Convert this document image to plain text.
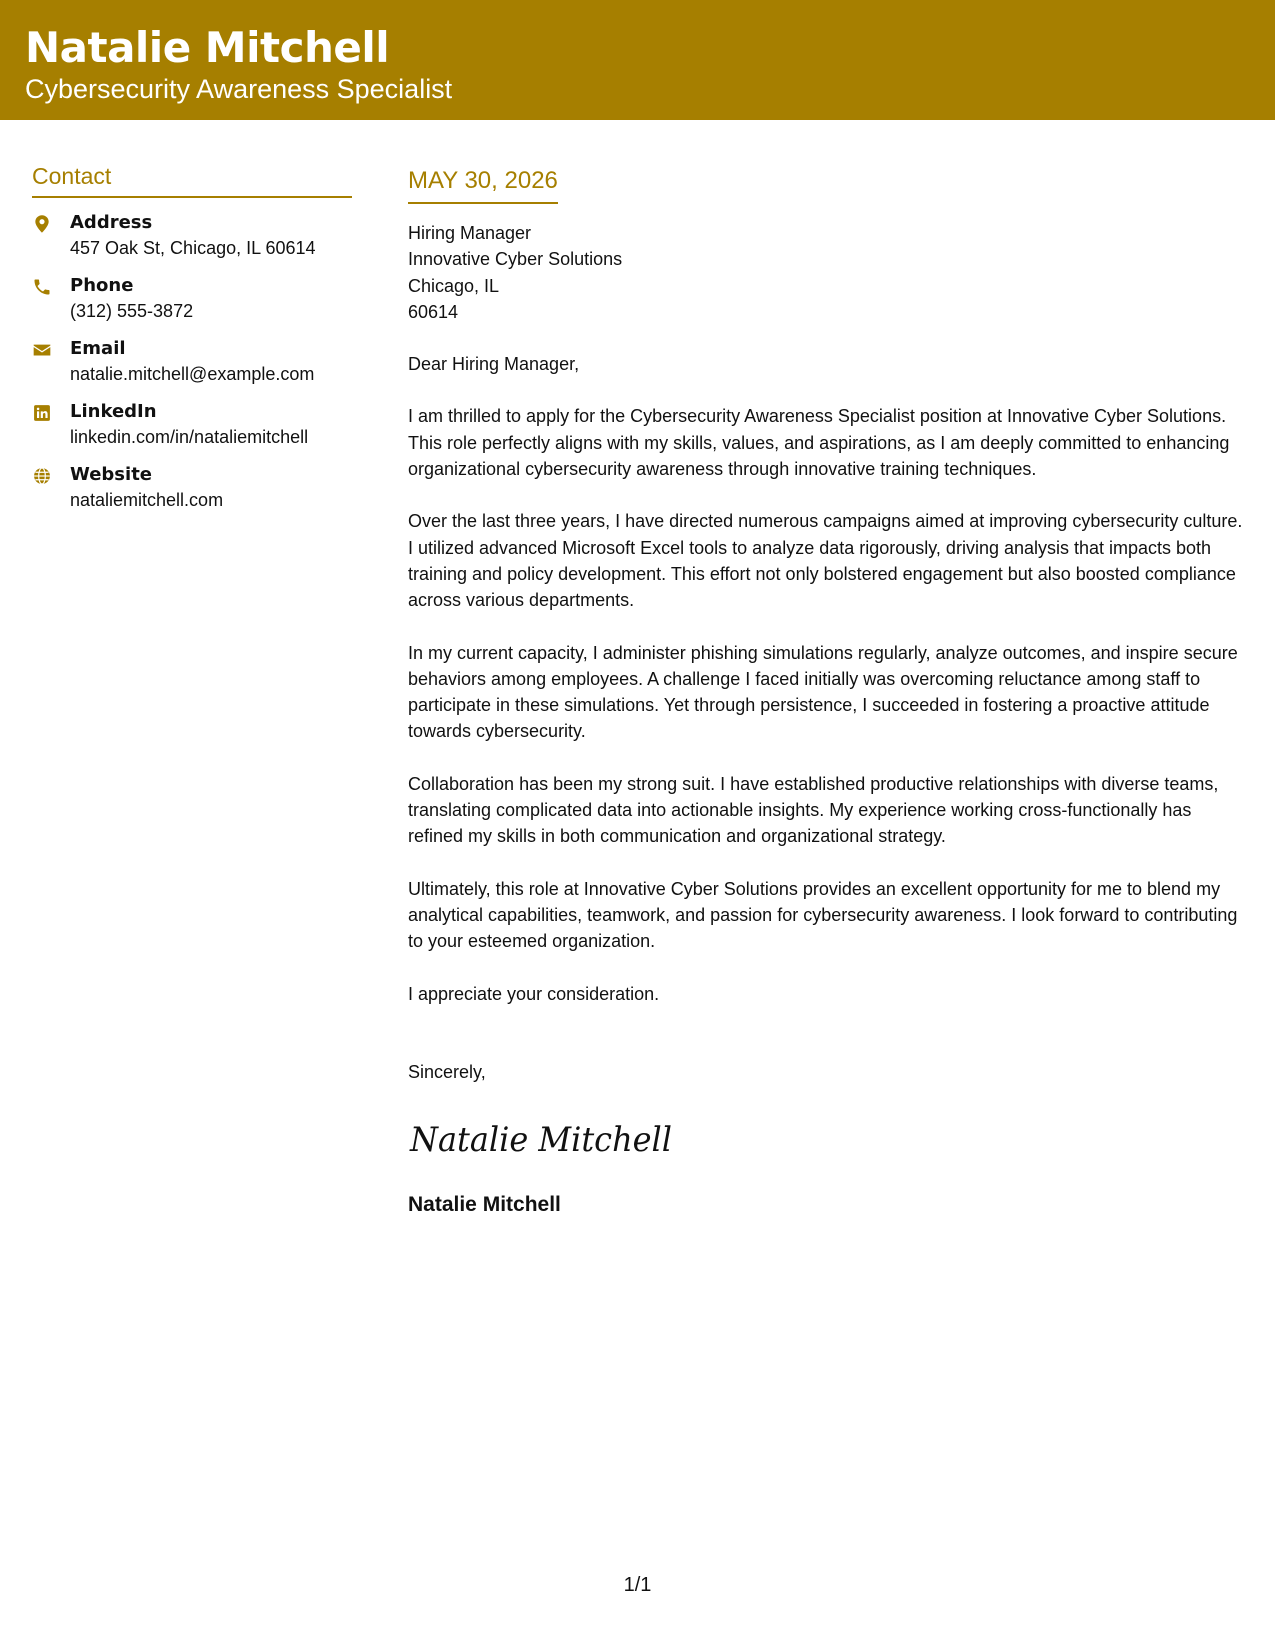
Natalie Mitchell
Cybersecurity Awareness Specialist
Contact
Address
457 Oak St, Chicago, IL 60614
Phone
(312) 555-3872
Email
natalie.mitchell@example.com
LinkedIn
linkedin.com/in/nataliemitchell
Website
nataliemitchell.com
MAY 30, 2026
Hiring Manager
Innovative Cyber Solutions
Chicago, IL
60614
Dear Hiring Manager,
I am thrilled to apply for the Cybersecurity Awareness Specialist position at Innovative Cyber Solutions. This role perfectly aligns with my skills, values, and aspirations, as I am deeply committed to enhancing organizational cybersecurity awareness through innovative training techniques.
Over the last three years, I have directed numerous campaigns aimed at improving cybersecurity culture. I utilized advanced Microsoft Excel tools to analyze data rigorously, driving analysis that impacts both training and policy development. This effort not only bolstered engagement but also boosted compliance across various departments.
In my current capacity, I administer phishing simulations regularly, analyze outcomes, and inspire secure behaviors among employees. A challenge I faced initially was overcoming reluctance among staff to participate in these simulations. Yet through persistence, I succeeded in fostering a proactive attitude towards cybersecurity.
Collaboration has been my strong suit. I have established productive relationships with diverse teams, translating complicated data into actionable insights. My experience working cross-functionally has refined my skills in both communication and organizational strategy.
Ultimately, this role at Innovative Cyber Solutions provides an excellent opportunity for me to blend my analytical capabilities, teamwork, and passion for cybersecurity awareness. I look forward to contributing to your esteemed organization.
I appreciate your consideration.
Sincerely,
Natalie Mitchell
Natalie Mitchell
1/1
